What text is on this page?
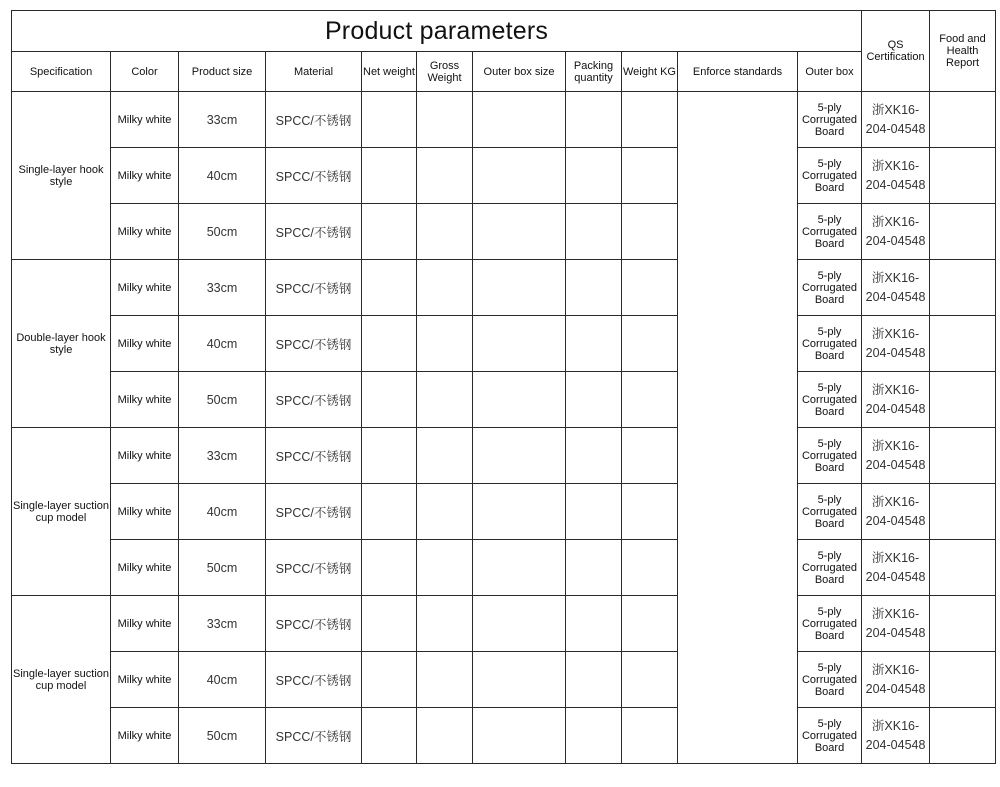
Product parameters											QS Certification	Food and Health Report
Specification	Color	Product size	Material	Net weight	Gross Weight	Outer box size	Packing quantity	Weight KG	Enforce standards	Outer box		
Single-layer hook style	Milky white	33cm	SPCC/不锈钢							5-ply Corrugated Board	浙XK16-204-04548	
	Milky white	40cm	SPCC/不锈钢							5-ply Corrugated Board	浙XK16-204-04548	
	Milky white	50cm	SPCC/不锈钢							5-ply Corrugated Board	浙XK16-204-04548	
Double-layer hook style	Milky white	33cm	SPCC/不锈钢							5-ply Corrugated Board	浙XK16-204-04548	
	Milky white	40cm	SPCC/不锈钢							5-ply Corrugated Board	浙XK16-204-04548	
	Milky white	50cm	SPCC/不锈钢							5-ply Corrugated Board	浙XK16-204-04548	
Single-layer suction cup model	Milky white	33cm	SPCC/不锈钢							5-ply Corrugated Board	浙XK16-204-04548	
	Milky white	40cm	SPCC/不锈钢							5-ply Corrugated Board	浙XK16-204-04548	
	Milky white	50cm	SPCC/不锈钢							5-ply Corrugated Board	浙XK16-204-04548	
Single-layer suction cup model	Milky white	33cm	SPCC/不锈钢							5-ply Corrugated Board	浙XK16-204-04548	
	Milky white	40cm	SPCC/不锈钢							5-ply Corrugated Board	浙XK16-204-04548	
	Milky white	50cm	SPCC/不锈钢							5-ply Corrugated Board	浙XK16-204-04548	
